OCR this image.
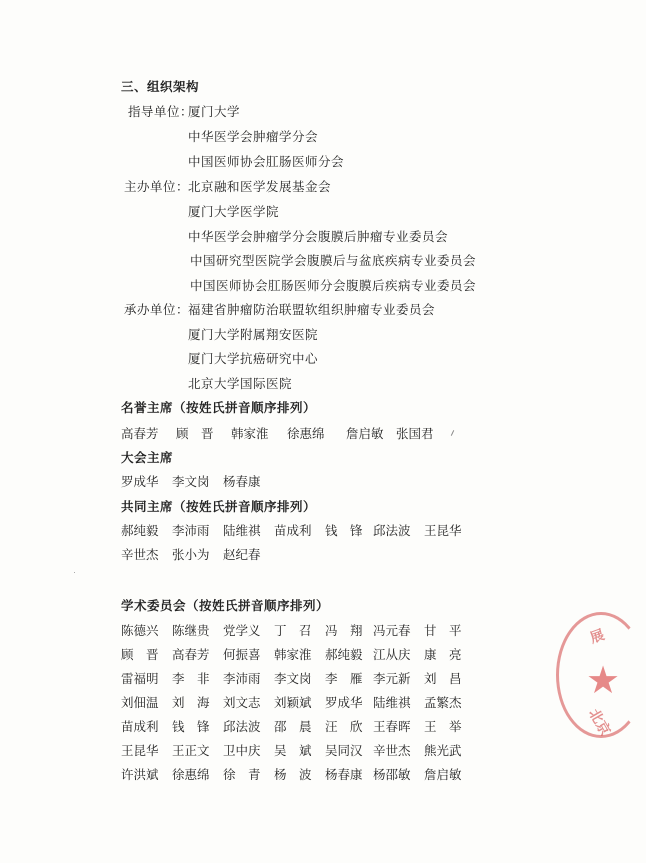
三、组织架构
指导单位：
厦门大学
中华医学会肿瘤学分会
中国医师协会肛肠医师分会
主办单位：
北京融和医学发展基金会
厦门大学医学院
中华医学会肿瘤学分会腹膜后肿瘤专业委员会
中国研究型医院学会腹膜后与盆底疾病专业委员会
中国医师协会肛肠医师分会腹膜后疾病专业委员会
承办单位：
福建省肿瘤防治联盟软组织肿瘤专业委员会
厦门大学附属翔安医院
厦门大学抗癌研究中心
北京大学国际医院
名誉主席（按姓氏拼音顺序排列）
高春芳 顾　晋 韩家淮 徐惠绵 詹启敏 张国君
大会主席
罗成华 李文岗 杨春康
共同主席（按姓氏拼音顺序排列）
郝纯毅 李沛雨 陆维祺 苗成利 钱　锋 邱法波 王昆华
辛世杰 张小为 赵纪春
学术委员会（按姓氏拼音顺序排列）
陈德兴 陈继贵 党学义 丁　召 冯　翔 冯元春 甘　平
顾　晋 高春芳 何振喜 韩家淮 郝纯毅 江从庆 康　亮
雷福明 李　非 李沛雨 李文岗 李　雁 李元新 刘　昌
刘佃温 刘　海 刘文志 刘颖斌 罗成华 陆维祺 孟繁杰
苗成利 钱　锋 邱法波 邵　晨 汪　欣 王春晖 王　举
王昆华 王正文 卫中庆 吴　斌 吴同汉 辛世杰 熊光武
许洪斌 徐惠绵 徐　青 杨　波 杨春康 杨邵敏 詹启敏
★
展
北京
